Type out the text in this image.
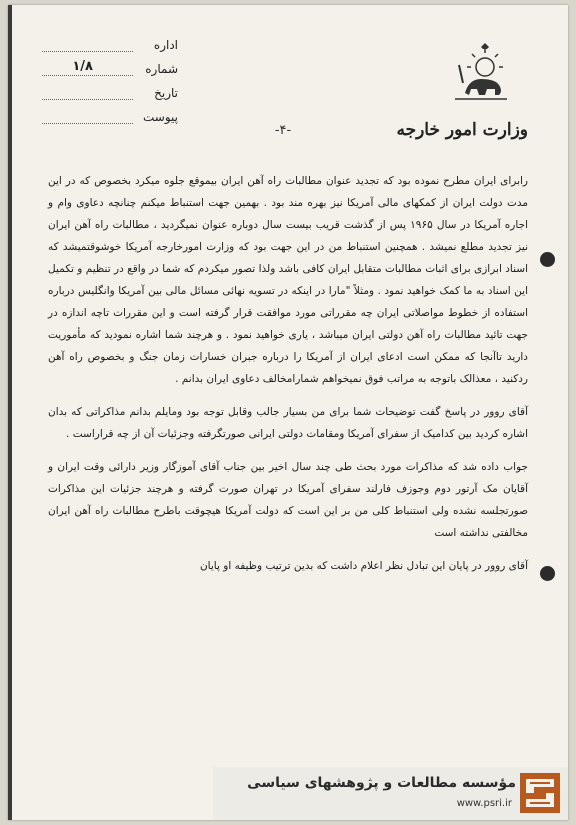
اداره
شماره
۱/۸
تاریخ
پیوست
وزارت امور خارجه
-۴-

رابرای ایران مطرح نموده بود که تجدید عنوان مطالبات راه آهن ایران بیموقع جلوه میکرد بخصوص که در این مدت دولت ایران از کمکهای مالی آمریکا نیز بهره مند بود . بهمین جهت استنباط میکنم چنانچه دعاوی وام و اجاره آمریکا در سال ۱۹۶۵ پس از گذشت قریب بیست سال دوباره عنوان نمیگردید ، مطالبات راه آهن ایران نیز تجدید مطلع نمیشد . همچنین استنباط من در این جهت بود که وزارت امورخارجه آمریکا خوشوقتمیشد که اسناد ابرازی برای اثبات مطالبات متقابل ایران کافی باشد ولذا تصور میکردم که شما در واقع در تنظیم و تکمیل این اسناد به ما کمک خواهید نمود . ومثلاً "مارا در اینکه در تسویه نهائی مسائل مالی بین آمریکا وانگلیس درباره استفاده از خطوط مواصلاتی ایران چه مقرراتی مورد موافقت قرار گرفته است و این مقررات تاچه اندازه در جهت تائید مطالبات راه آهن دولتی ایران میباشد ، یاری خواهید نمود . و هرچند شما اشاره نمودید که مأموریت دارید تاآنجا که ممکن است ادعای ایران از آمریکا را درباره جبران خسارات زمان جنگ و بخصوص راه آهن ردکنید ، معذالک باتوجه به مراتب فوق نمیخواهم شمارامخالف دعاوی ایران بدانم .

آقای روور در پاسخ گفت توضیحات شما برای من بسیار جالب وقابل توجه بود ومایلم بدانم مذاکراتی که بدان اشاره کردید بین کدامیک از سفرای آمریکا ومقامات دولتی ایرانی صورتگرفته وجزئیات آن از چه قراراست .

جواب داده شد که مذاکرات مورد بحث طی چند سال اخیر بین جناب آقای آموزگار وزیر دارائی وقت ایران و آقایان مک آرتور دوم وجوزف فارلند سفرای آمریکا در تهران صورت گرفته و هرچند جزئیات این مذاکرات صورتجلسه نشده ولی استنباط کلی من بر این است که دولت آمریکا هیچوقت باطرح مطالبات راه آهن ایران مخالفتی نداشته است

آقای روور در پایان این تبادل نظر اعلام داشت که بدین ترتیب وظیفه او پایان

مؤسسه مطالعات و پژوهشهای سیاسی
www.psri.ir
